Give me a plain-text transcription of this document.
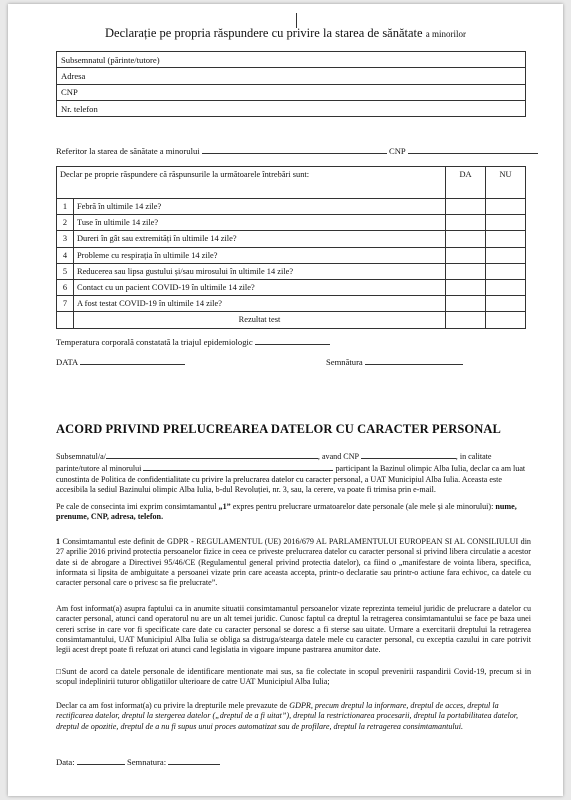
Declarație pe propria răspundere cu privire la starea de sănătate a minorilor
Subsemnatul (părinte/tutore)
Adresa
CNP
Nr. telefon
Referitor la starea de sănătate a minorului	CNP
Declar pe proprie răspundere că răspunsurile la următoarele întrebări sunt:		DA	NU
1	Febră în ultimile 14 zile?		
2	Tuse în ultimile 14 zile?		
3	Dureri în gât sau extremități în ultimile 14 zile?		
4	Probleme cu respirația în ultimile 14 zile?		
5	Reducerea sau lipsa gustului și/sau mirosului în ultimile 14 zile?		
6	Contact cu un pacient COVID-19 în ultimile 14 zile?		
7	A fost testat COVID-19 în ultimile 14 zile?		
	Rezultat test		
Temperatura corporală constatată la triajul epidemiologic
DATA	Semnătura
ACORD PRIVIND PRELUCREAREA DATELOR CU CARACTER PERSONAL
Subsemnatul/a/	, avand CNP	, in calitate parinte/tutore al minorului	participant la Bazinul olimpic Alba Iulia, declar ca am luat cunostinta de Politica de confidentialitate cu privire la prelucrarea datelor cu caracter personal, a UAT Municipiul Alba Iulia. Aceasta este accesibila la sediul Bazinului olimpic Alba Iulia, b-dul Revoluției, nr. 3, sau, la cerere, va poate fi trimisa prin e-mail.
Pe cale de consecinta imi exprim consimtamantul „1” expres pentru prelucrare urmatoarelor date personale (ale mele și ale minorului): nume, prenume, CNP, adresa, telefon.
1 Consimtamantul este definit de GDPR - REGULAMENTUL (UE) 2016/679 AL PARLAMENTULUI EUROPEAN SI AL CONSILIULUI din 27 aprilie 2016 privind protectia persoanelor fizice in ceea ce priveste prelucrarea datelor cu caracter personal si privind libera circulatie a acestor date si de abrogare a Directivei 95/46/CE (Regulamentul general privind protectia datelor), ca fiind o „manifestare de vointa libera, specifica, informata si lipsita de ambiguitate a persoanei vizate prin care aceasta accepta, printr-o declaratie sau printr-o actiune fara echivoc, ca datele cu caracter personal care o privesc sa fie prelucrate”.
Am fost informat(a) asupra faptului ca in anumite situatii consimtamantul persoanelor vizate reprezinta temeiul juridic de prelucrare a datelor cu caracter personal, atunci cand operatorul nu are un alt temei juridic. Cunosc faptul ca dreptul la retragerea consimtamantului se face pe baza unei cereri scrise in care vor fi specificate care date cu caracter personal se doresc a fi sterse sau uitate. Urmare a exercitarii dreptului la retragerea consimtamantului, UAT Municipiul Alba Iulia se obliga sa distruga/stearga datele mele cu caracter personal, cu exceptia cazului in care potrivit legii acest drept poate fi refuzat ori atunci cand legislatia in vigoare impune pastrarea anumitor date.
□Sunt de acord ca datele personale de identificare mentionate mai sus, sa fie colectate in scopul prevenirii raspandirii Covid-19, precum si in scopul indeplinirii tuturor obligatiilor ulterioare de catre UAT Municipiul Alba Iulia;
Declar ca am fost informat(a) cu privire la drepturile mele prevazute de GDPR, precum dreptul la informare, dreptul de acces, dreptul la rectificarea datelor, dreptul la stergerea datelor („dreptul de a fi uitat”), dreptul la restrictionarea procesarii, dreptul la portabilitatea datelor, dreptul de opozitie, dreptul de a nu fi supus unui proces automatizat sau de profilare, dreptul la retragerea consimtamantului.
Data:	Semnatura:
